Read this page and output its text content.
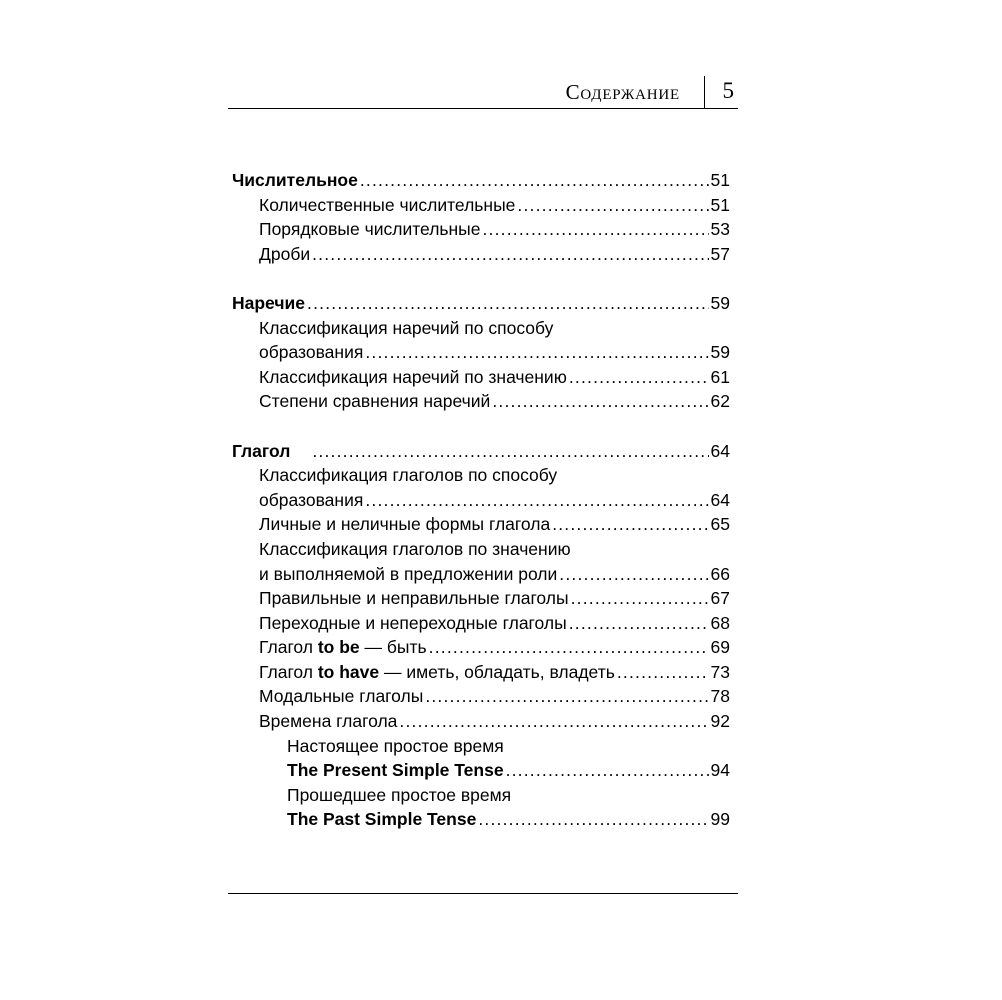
Содержание 5
Числительное .....	51
Количественные числительные .....	51
Порядковые числительные .....	53
Дроби .....	57
Наречие .....	59
Классификация наречий по способу
образования .....	59
Классификация наречий по значению .....	61
Степени сравнения наречий .....	62
Глагол .....	64
Классификация глаголов по способу
образования .....	64
Личные и неличные формы глагола .....	65
Классификация глаголов по значению
и выполняемой в предложении роли .....	66
Правильные и неправильные глаголы .....	67
Переходные и непереходные глаголы .....	68
Глагол to be — быть .....	69
Глагол to have — иметь, обладать, владеть .....	73
Модальные глаголы .....	78
Времена глагола .....	92
Настоящее простое время
The Present Simple Tense .....	94
Прошедшее простое время
The Past Simple Tense .....	99
